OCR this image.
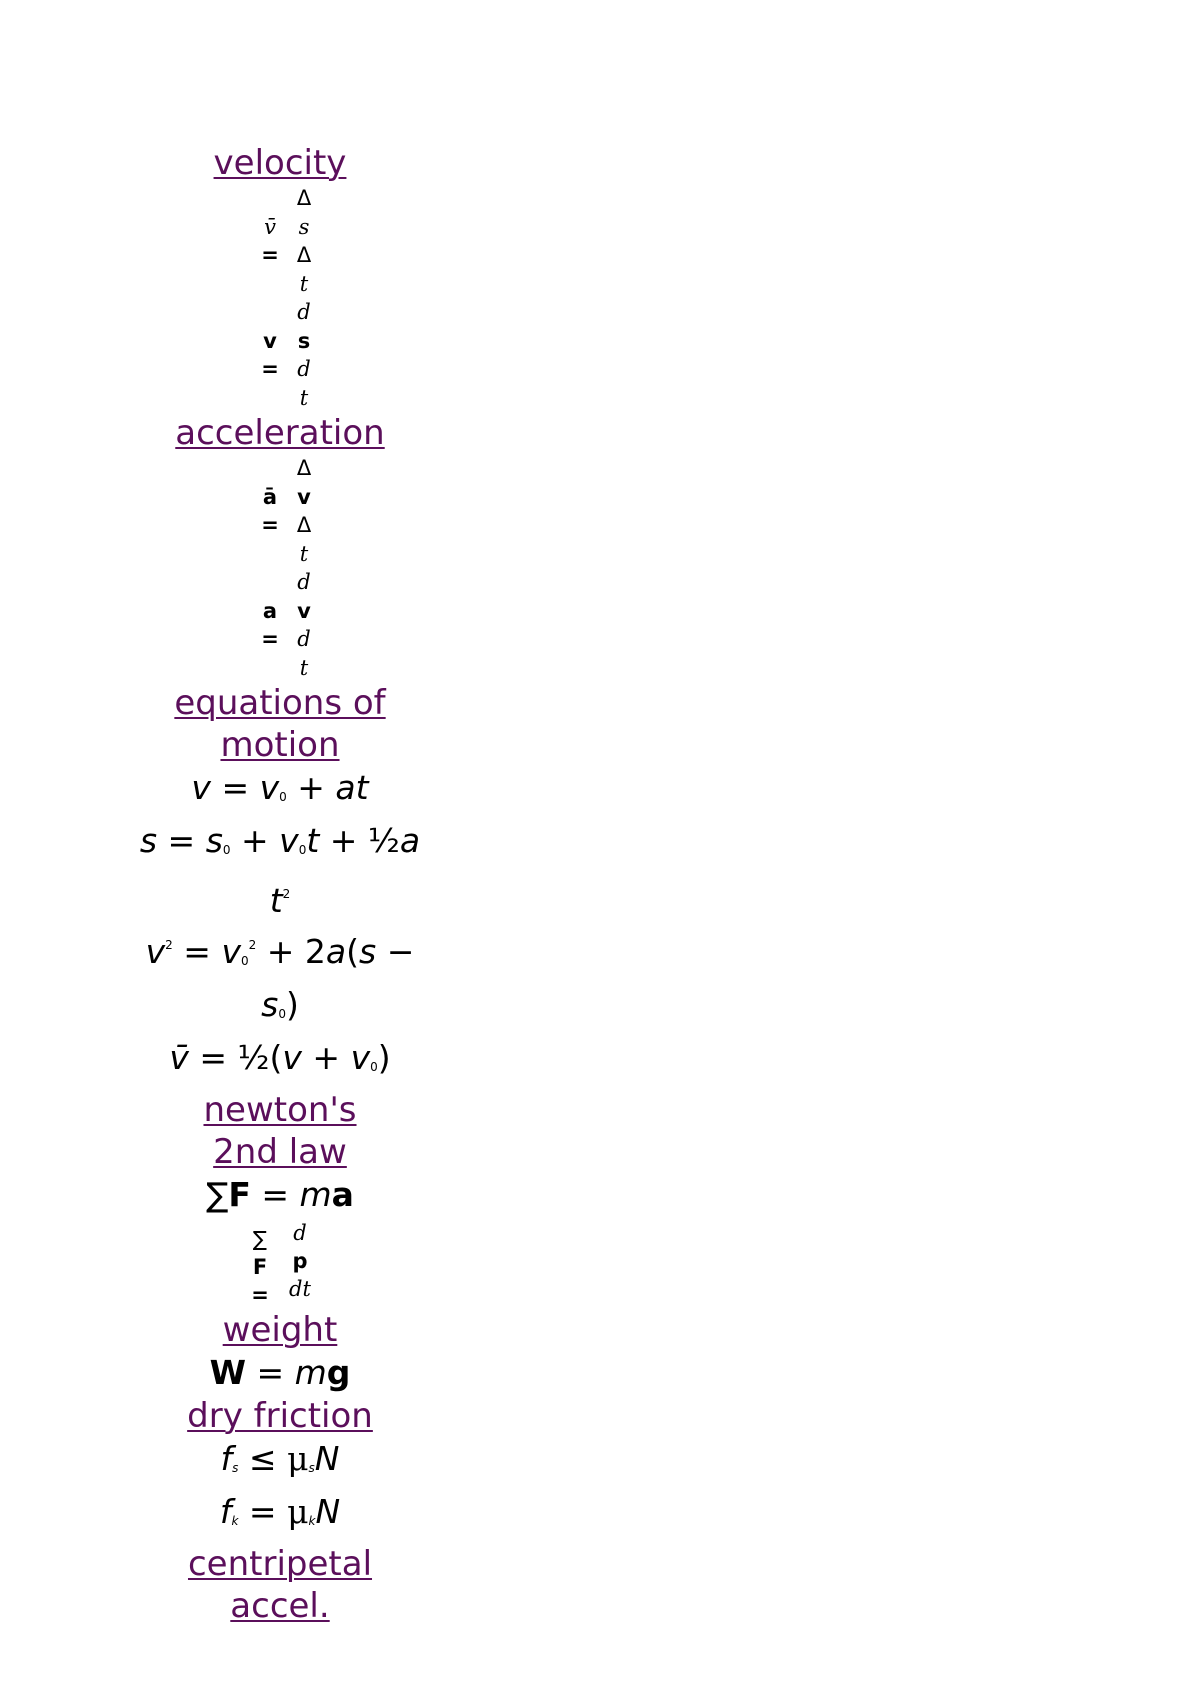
velocity
v̄
=
Δ
s
Δ
t
v
=
d
s
d
t
acceleration
ā
=
Δ
v
Δ
t
a
=
d
v
d
t
equations of
motion
$v = v_0$ + at
$s = s_0 + v_0t$ + ½a
$t^2$
$v^2 = v_0^2 + 2a(s$ −
$s_0$)
v̄ = ½(v + $v_0$)
newton's
2nd law
∑F = ma
∑
F
=
d
p
dt
weight
W = mg
dry friction
$f_s \le \mu_sN$
$f_k = \mu_kN$
centripetal
accel.
